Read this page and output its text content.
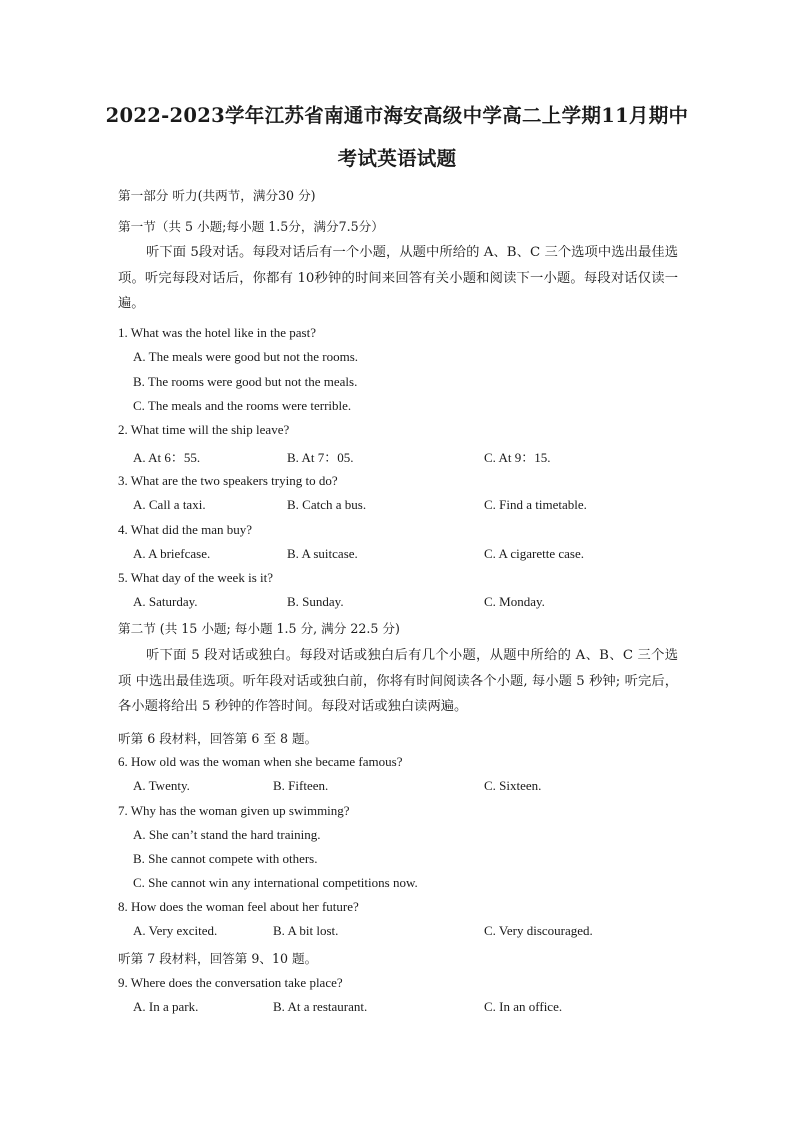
2022-2023学年江苏省南通市海安高级中学高二上学期11月期中
考试英语试题
第一部分 听力(共两节，满分30 分)
第一节（共 5 小题;每小题 1.5分，满分7.5分）
听下面 5段对话。每段对话后有一个小题，从题中所给的 A、B、C 三个选项中选出最佳选项。听完每段对话后，你都有 10秒钟的时间来回答有关小题和阅读下一小题。每段对话仅读一遍。
1. What was the hotel like in the past?
A. The meals were good but not the rooms.
B. The rooms were good but not the meals.
C. The meals and the rooms were terrible.
2. What time will the ship leave?
A. At 6：55.	B. At 7：05.	C. At 9：15.
3. What are the two speakers trying to do?
A. Call a taxi.	B. Catch a bus.	C. Find a timetable.
4. What did the man buy?
A. A briefcase.	B. A suitcase.	C. A cigarette case.
5. What day of the week is it?
A. Saturday.	B. Sunday.	C. Monday.
第二节 (共 15 小题; 每小题 1.5 分, 满分 22.5 分)
听下面 5 段对话或独白。每段对话或独白后有几个小题，从题中所给的 A、B、C 三个选项 中选出最佳选项。听年段对话或独白前，你将有时间阅读各个小题, 每小题 5 秒钟; 听完后，各小题将给出 5 秒钟的作答时间。每段对话或独白读两遍。
听第 6 段材料，回答第 6 至 8 题。
6. How old was the woman when she became famous?
A. Twenty.	B. Fifteen.	C. Sixteen.
7. Why has the woman given up swimming?
A. She can’t stand the hard training.
B. She cannot compete with others.
C. She cannot win any international competitions now.
8. How does the woman feel about her future?
A. Very excited.	B. A bit lost.	C. Very discouraged.
听第 7 段材料，回答第 9、10 题。
9. Where does the conversation take place?
A. In a park.	B. At a restaurant.	C. In an office.
